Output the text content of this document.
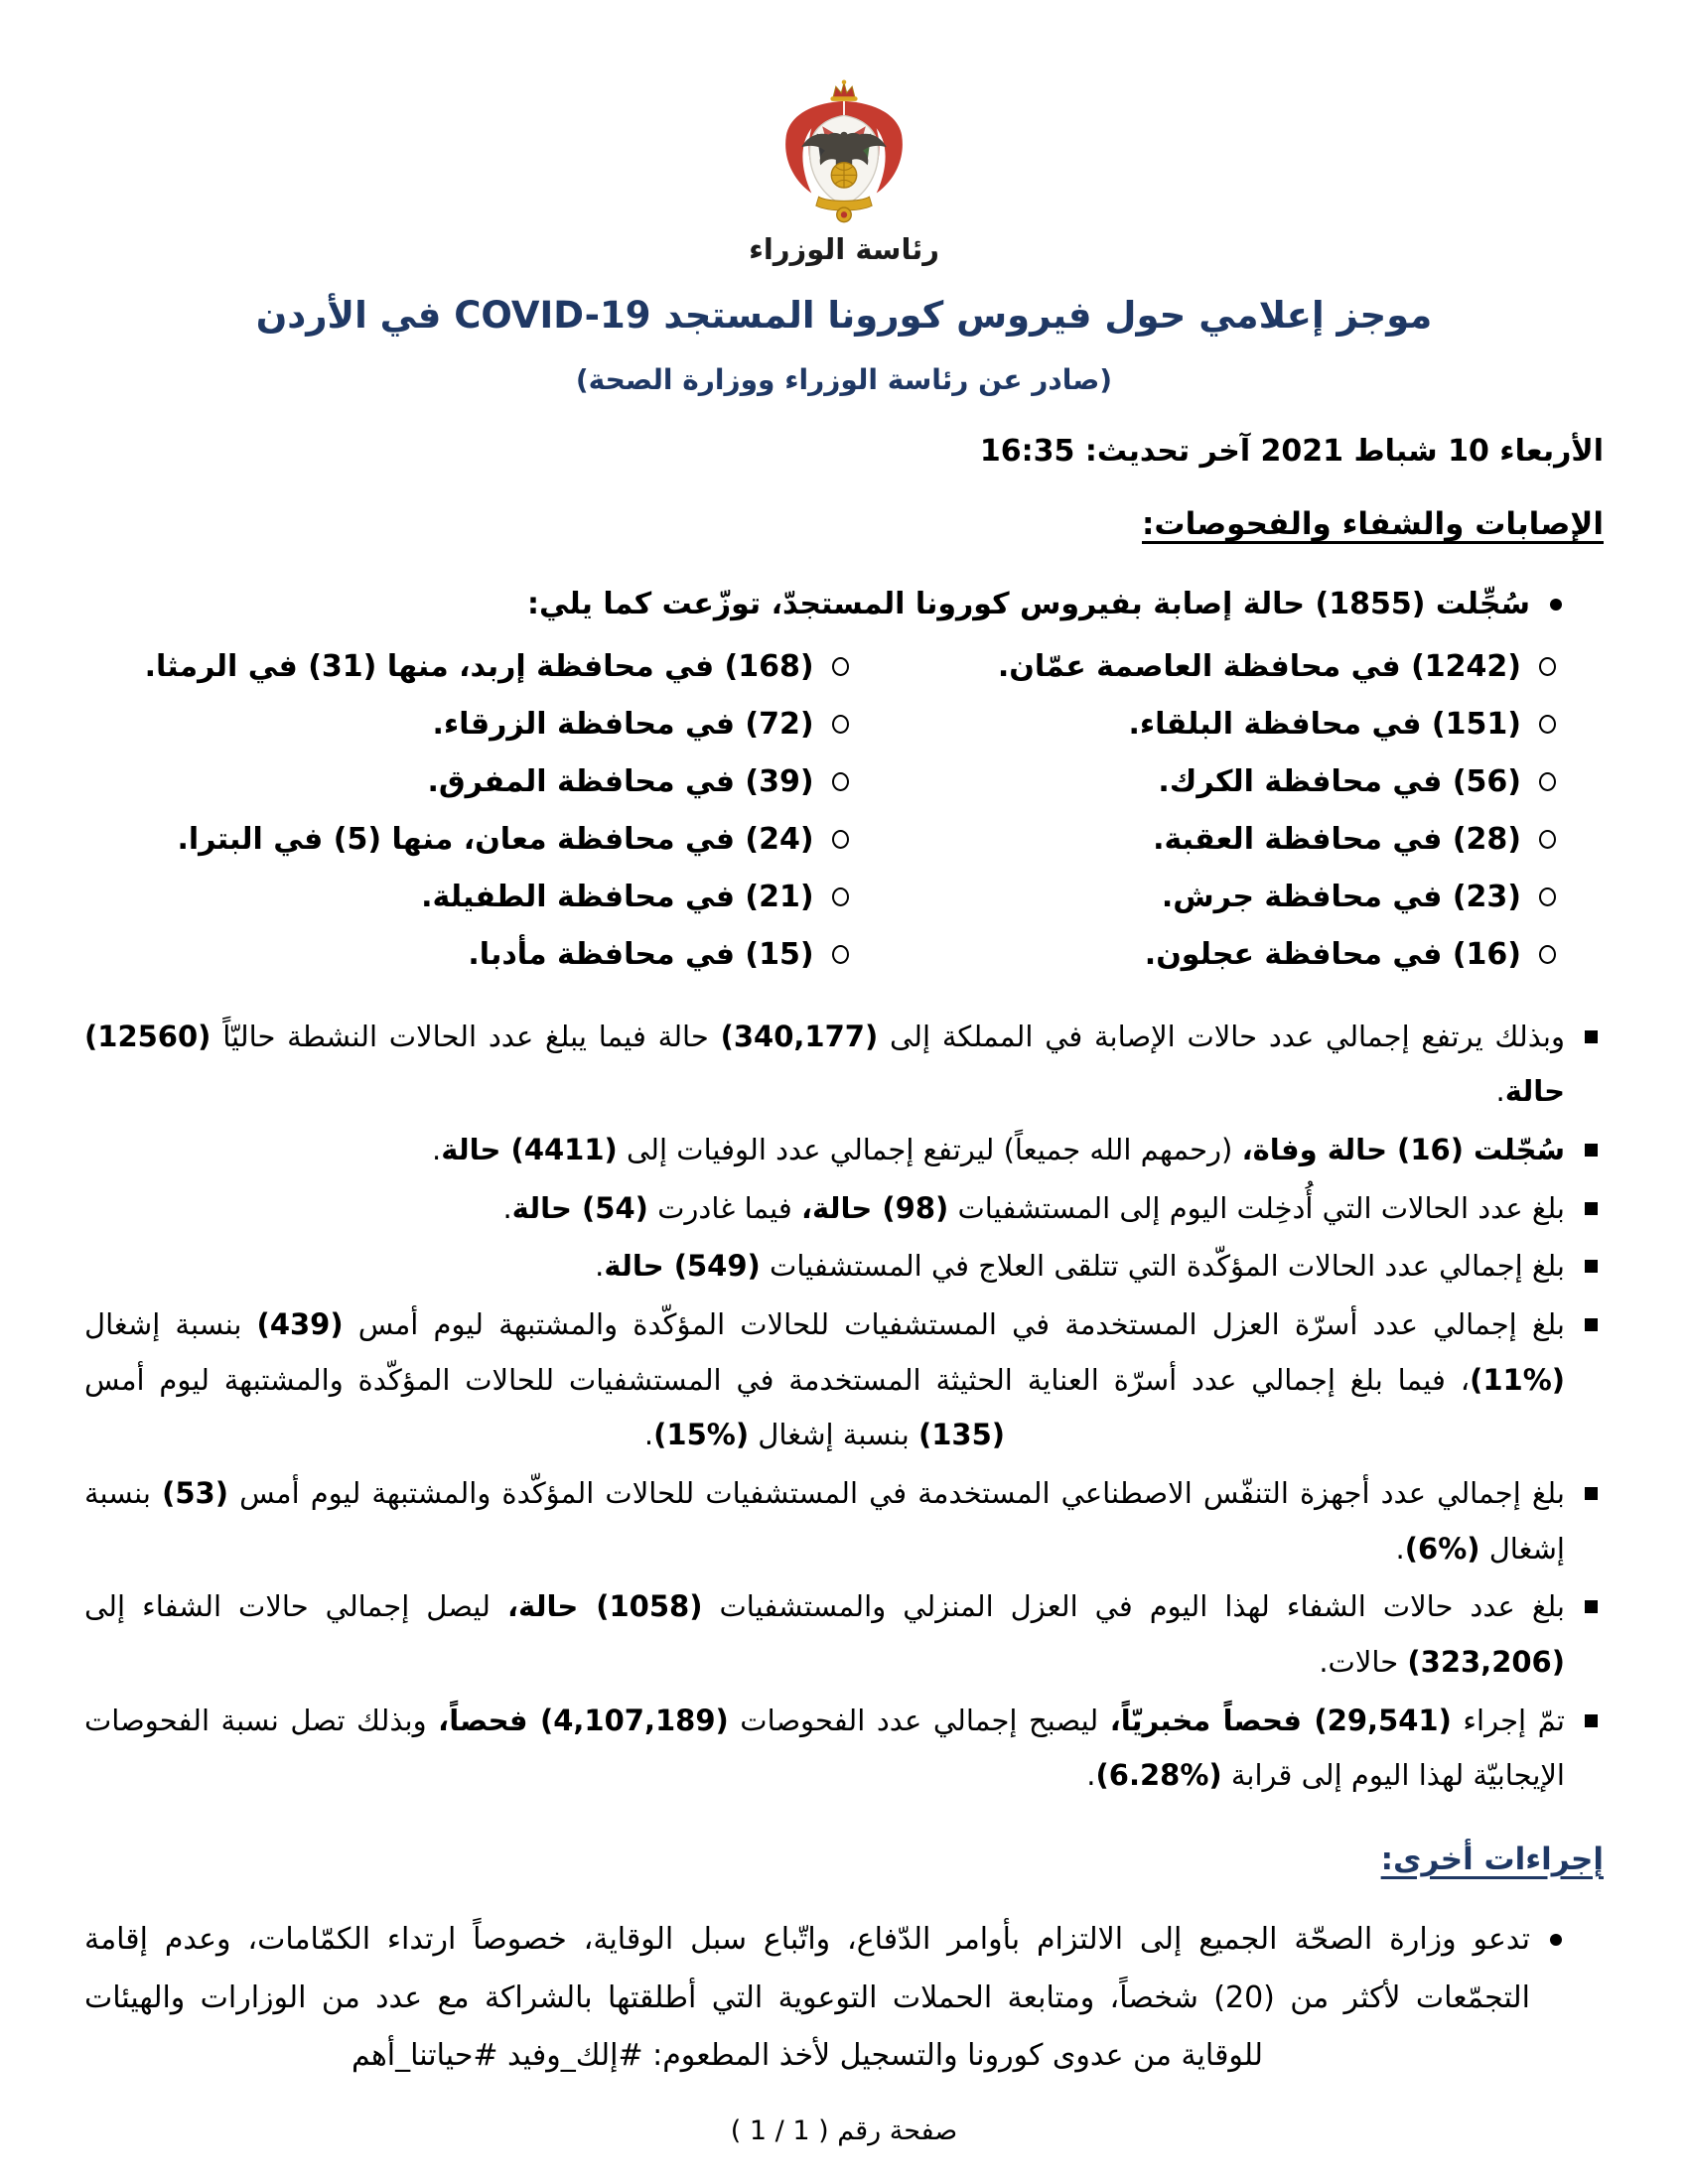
رئاسة الوزراء
موجز إعلامي حول فيروس كورونا المستجد COVID-19 في الأردن
(صادر عن رئاسة الوزراء ووزارة الصحة)
الأربعاء 10 شباط 2021 آخر تحديث: 16:35
الإصابات والشفاء والفحوصات:
سُجِّلت (1855) حالة إصابة بفيروس كورونا المستجدّ، توزّعت كما يلي:
(1242) في محافظة العاصمة عمّان.
(168) في محافظة إربد، منها (31) في الرمثا.
(151) في محافظة البلقاء.
(72) في محافظة الزرقاء.
(56) في محافظة الكرك.
(39) في محافظة المفرق.
(28) في محافظة العقبة.
(24) في محافظة معان، منها (5) في البترا.
(23) في محافظة جرش.
(21) في محافظة الطفيلة.
(16) في محافظة عجلون.
(15) في محافظة مأدبا.
وبذلك يرتفع إجمالي عدد حالات الإصابة في المملكة إلى (340,177) حالة فيما يبلغ عدد الحالات النشطة حاليّاً (12560) حالة.
سُجّلت (16) حالة وفاة، (رحمهم الله جميعاً) ليرتفع إجمالي عدد الوفيات إلى (4411) حالة.
بلغ عدد الحالات التي أُدخِلت اليوم إلى المستشفيات (98) حالة، فيما غادرت (54) حالة.
بلغ إجمالي عدد الحالات المؤكّدة التي تتلقى العلاج في المستشفيات (549) حالة.
بلغ إجمالي عدد أسرّة العزل المستخدمة في المستشفيات للحالات المؤكّدة والمشتبهة ليوم أمس (439) بنسبة إشغال (%11)، فيما بلغ إجمالي عدد أسرّة العناية الحثيثة المستخدمة في المستشفيات للحالات المؤكّدة والمشتبهة ليوم أمس (135) بنسبة إشغال (%15).
بلغ إجمالي عدد أجهزة التنفّس الاصطناعي المستخدمة في المستشفيات للحالات المؤكّدة والمشتبهة ليوم أمس (53) بنسبة إشغال (%6).
بلغ عدد حالات الشفاء لهذا اليوم في العزل المنزلي والمستشفيات (1058) حالة، ليصل إجمالي حالات الشفاء إلى (323,206) حالات.
تمّ إجراء (29,541) فحصاً مخبريّاً، ليصبح إجمالي عدد الفحوصات (4,107,189) فحصاً، وبذلك تصل نسبة الفحوصات الإيجابيّة لهذا اليوم إلى قرابة (%6.28).
إجراءات أخرى:
تدعو وزارة الصحّة الجميع إلى الالتزام بأوامر الدّفاع، واتّباع سبل الوقاية، خصوصاً ارتداء الكمّامات، وعدم إقامة التجمّعات لأكثر من (20) شخصاً، ومتابعة الحملات التوعوية التي أطلقتها بالشراكة مع عدد من الوزارات والهيئات للوقاية من عدوى كورونا والتسجيل لأخذ المطعوم: #إلك_وفيد #حياتنا_أهم
صفحة رقم ( 1 / 1 )
